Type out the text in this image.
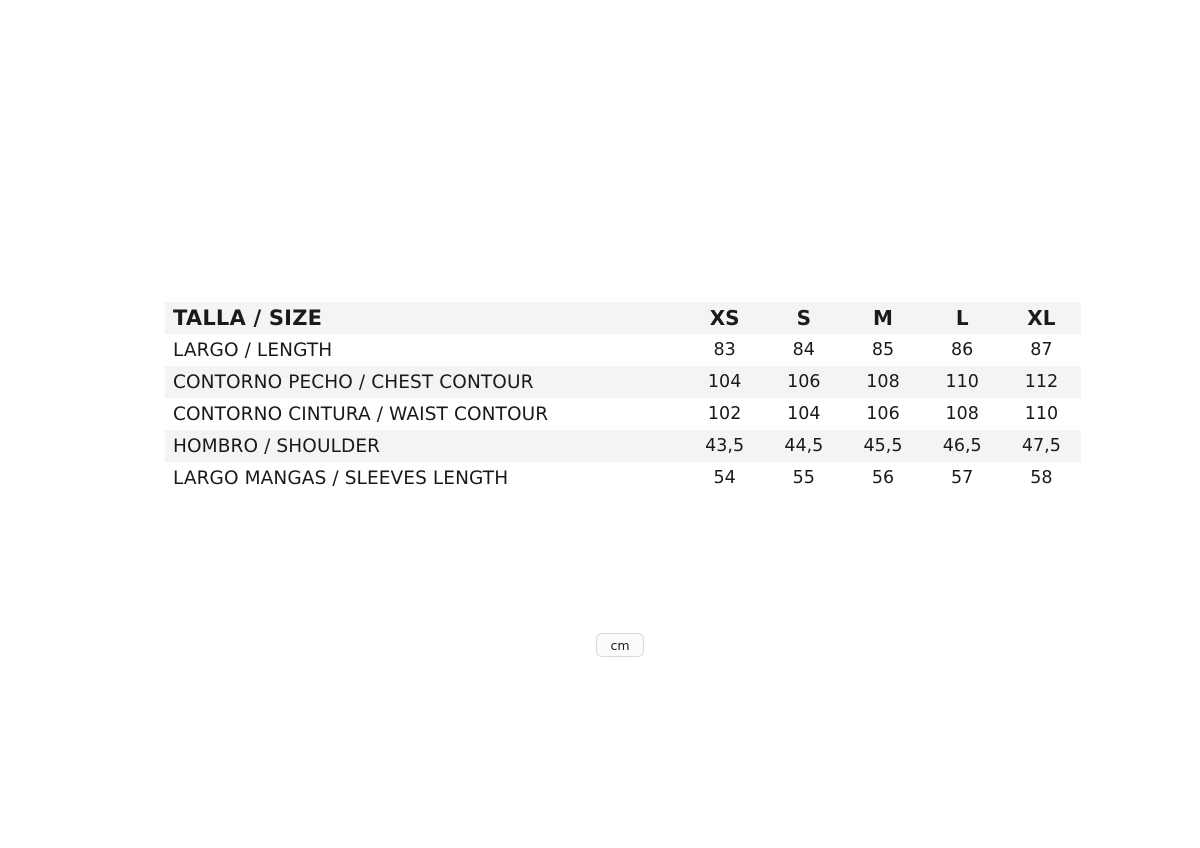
TALLA / SIZE	XS	S	M	L	XL
LARGO / LENGTH	83	84	85	86	87
CONTORNO PECHO / CHEST CONTOUR	104	106	108	110	112
CONTORNO CINTURA / WAIST CONTOUR	102	104	106	108	110
HOMBRO / SHOULDER	43,5	44,5	45,5	46,5	47,5
LARGO MANGAS / SLEEVES LENGTH	54	55	56	57	58
cm
